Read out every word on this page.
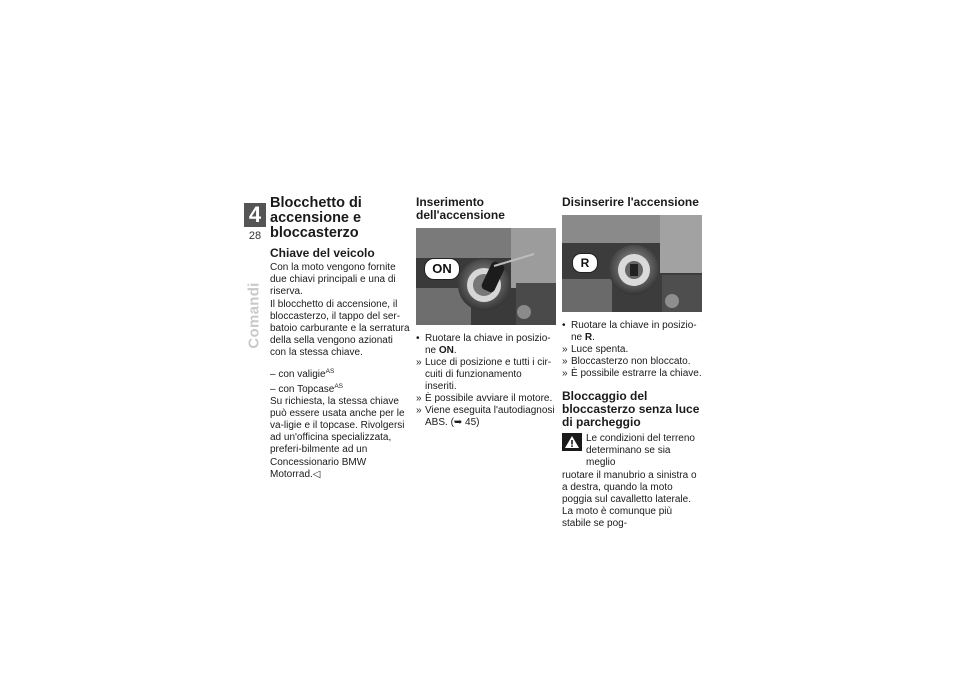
4
28
Comandi
Blocchetto di accensione e bloccasterzo
Chiave del veicolo

Con la moto vengono fornite due chiavi principali e una di riserva.

Il blocchetto di accensione, il bloccasterzo, il tappo del ser-batoio carburante e la serratura della sella vengono azionati con la stessa chiave.

– con valigie$^{AS}$
– con Topcase$^{AS}$

Su richiesta, la stessa chiave può essere usata anche per le va-ligie e il topcase. Rivolgersi ad un'officina specializzata, preferi-bilmente ad un Concessionario BMW Motorrad.◁

Inserimento dell'accensione
ON
• Ruotare la chiave in posizio-ne ON.
» Luce di posizione e tutti i cir-cuiti di funzionamento inseriti.
» È possibile avviare il motore.
» Viene eseguita l'autodiagnosi ABS. (➥ 45)
Disinserire l'accensione
R
• Ruotare la chiave in posizio-ne R.
» Luce spenta.
» Bloccasterzo non bloccato.
» È possibile estrarre la chiave.
Bloccaggio del bloccasterzo senza luce di parcheggio

Le condizioni del terreno determinano se sia meglio

ruotare il manubrio a sinistra o a destra, quando la moto poggia sul cavalletto laterale. La moto è comunque più stabile se pog-
